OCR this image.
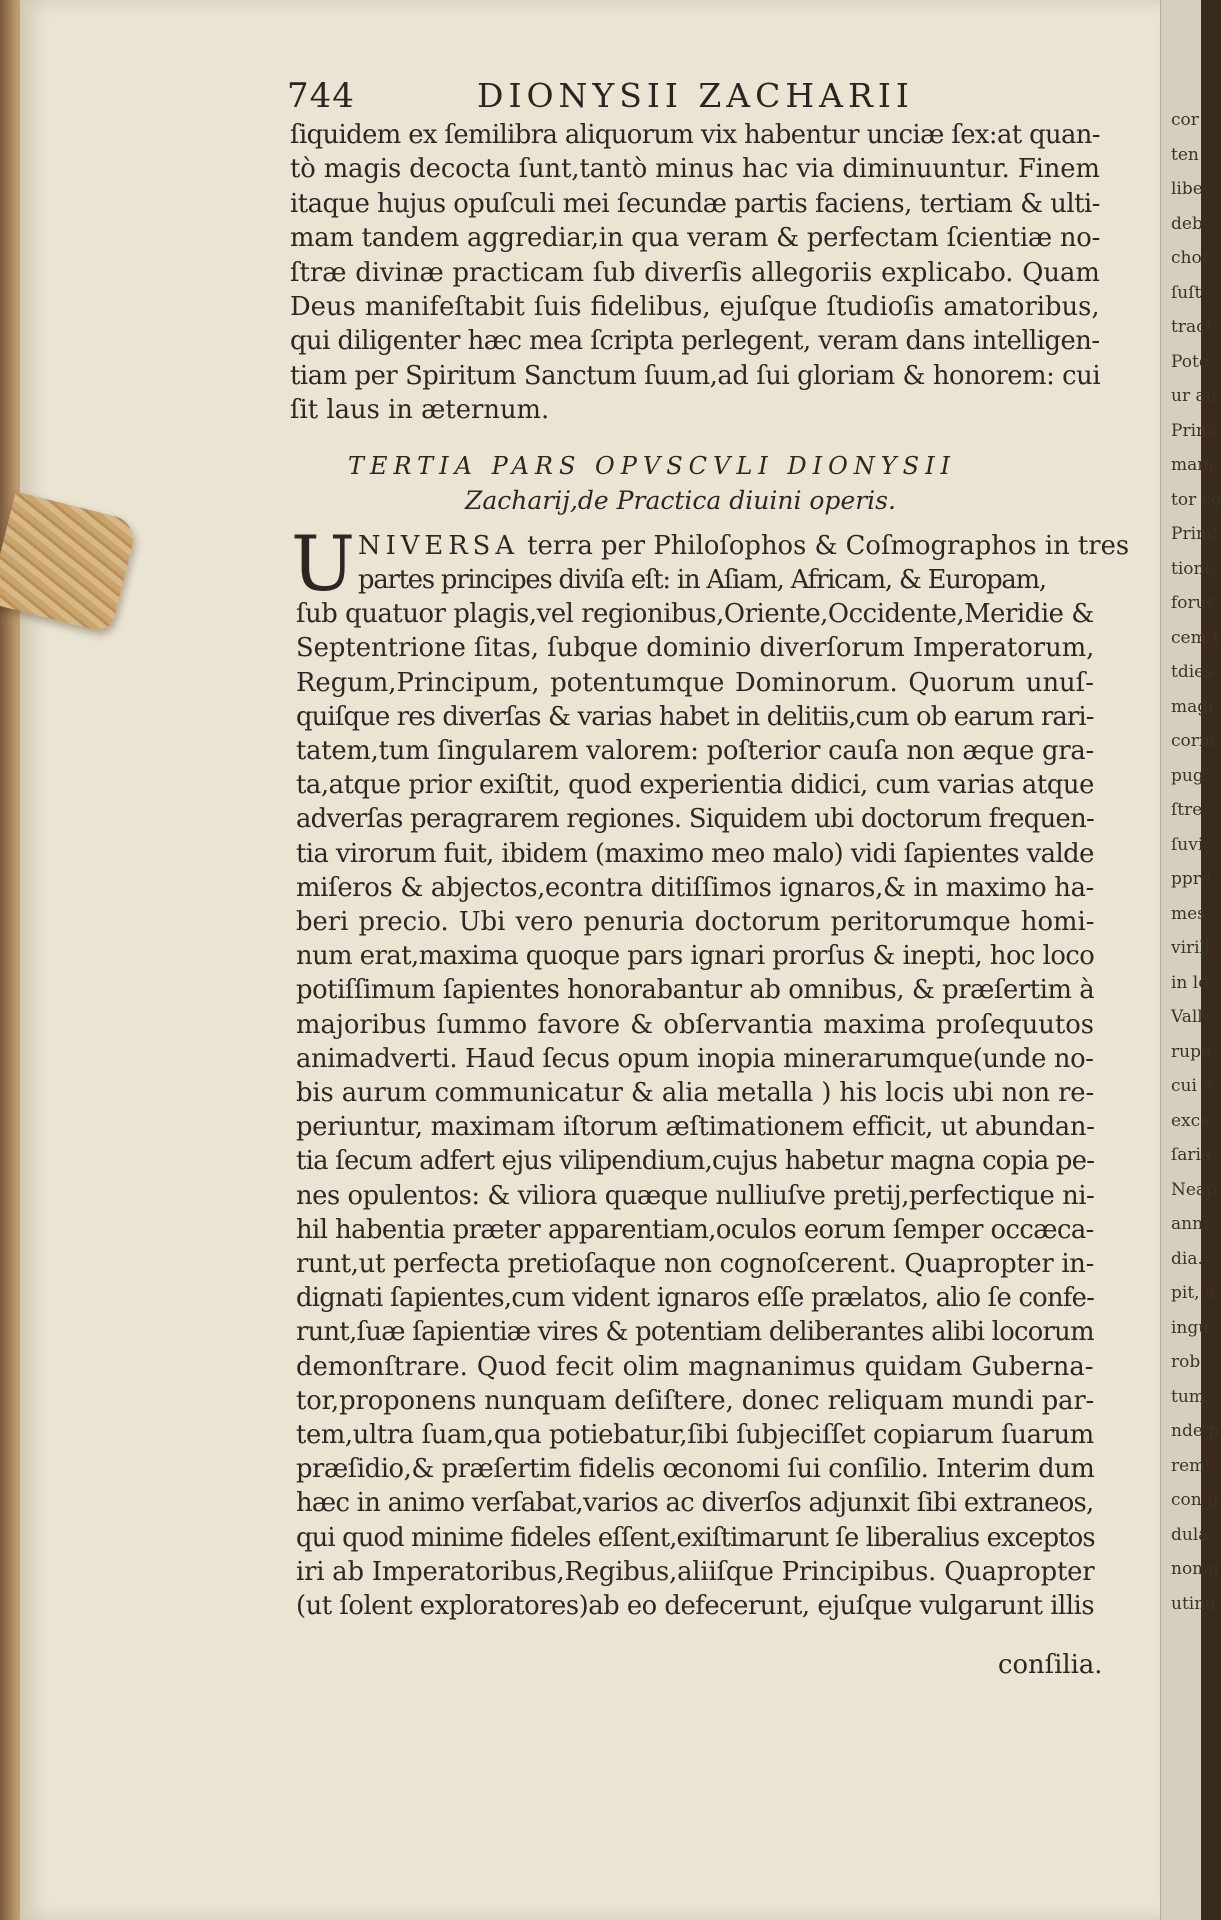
cor
ten
libe
deb
chor
ſuſt
tract
Pote
ur an
Princ
mam
tor co
Princ
tione
forur
cem t
tdies
magi
corm
pug
ſtre
ſuvi
ppre
mes
virili
in lo
Vall
rupe
cui a
exca
ſaria
Neap
anni
dia.
pit, a
ingu
rob
tum
nde p
rem
con p
dula
nomu
utinu
744	DIONYSII ZACHARII
ſiquidem ex ſemilibra aliquorum vix habentur unciæ ſex:at quan-
tò magis decocta ſunt,tantò minus hac via diminuuntur. Finem
itaque hujus opuſculi mei ſecundæ partis faciens, tertiam & ulti-
mam tandem aggrediar,in qua veram & perfectam ſcientiæ no-
ſtræ divinæ practicam ſub diverſis allegoriis explicabo. Quam
Deus manifeſtabit ſuis fidelibus, ejuſque ſtudioſis amatoribus,
qui diligenter hæc mea ſcripta perlegent, veram dans intelligen-
tiam per Spiritum Sanctum ſuum,ad ſui gloriam & honorem: cui
ſit laus in æternum.
TERTIA PARS OPVSCVLI DIONYSII
Zacharij,de Practica diuini operis.
U NIVERSA terra per Philoſophos & Coſmographos in tres
partes principes diviſa eſt: in Aſiam, Africam, & Europam,
ſub quatuor plagis,vel regionibus,Oriente,Occidente,Meridie &
Septentrione ſitas, ſubque dominio diverſorum Imperatorum,
Regum,Principum, potentumque Dominorum. Quorum unuſ-
quiſque res diverſas & varias habet in delitiis,cum ob earum rari-
tatem,tum ſingularem valorem: poſterior cauſa non æque gra-
ta,atque prior exiſtit, quod experientia didici, cum varias atque
adverſas peragrarem regiones. Siquidem ubi doctorum frequen-
tia virorum fuit, ibidem (maximo meo malo) vidi ſapientes valde
miſeros & abjectos,econtra ditiſſimos ignaros,& in maximo ha-
beri precio. Ubi vero penuria doctorum peritorumque homi-
num erat,maxima quoque pars ignari prorſus & inepti, hoc loco
potiſſimum ſapientes honorabantur ab omnibus, & præſertim à
majoribus ſummo favore & obſervantia maxima proſequutos
animadverti. Haud ſecus opum inopia minerarumque(unde no-
bis aurum communicatur & alia metalla ) his locis ubi non re-
periuntur, maximam iſtorum æſtimationem efficit, ut abundan-
tia ſecum adfert ejus vilipendium,cujus habetur magna copia pe-
nes opulentos: & viliora quæque nulliuſve pretij,perfectique ni-
hil habentia præter apparentiam,oculos eorum ſemper occæca-
runt,ut perfecta pretioſaque non cognoſcerent. Quapropter in-
dignati ſapientes,cum vident ignaros eſſe prælatos, alio ſe confe-
runt,ſuæ ſapientiæ vires & potentiam deliberantes alibi locorum
demonſtrare. Quod fecit olim magnanimus quidam Guberna-
tor,proponens nunquam deſiſtere, donec reliquam mundi par-
tem,ultra ſuam,qua potiebatur,ſibi ſubjeciſſet copiarum ſuarum
præſidio,& præſertim fidelis œconomi ſui conſilio. Interim dum
hæc in animo verſabat,varios ac diverſos adjunxit ſibi extraneos,
qui quod minime fideles eſſent,exiſtimarunt ſe liberalius exceptos
iri ab Imperatoribus,Regibus,aliiſque Principibus. Quapropter
(ut ſolent exploratores)ab eo defecerunt, ejuſque vulgarunt illis
conſilia.
